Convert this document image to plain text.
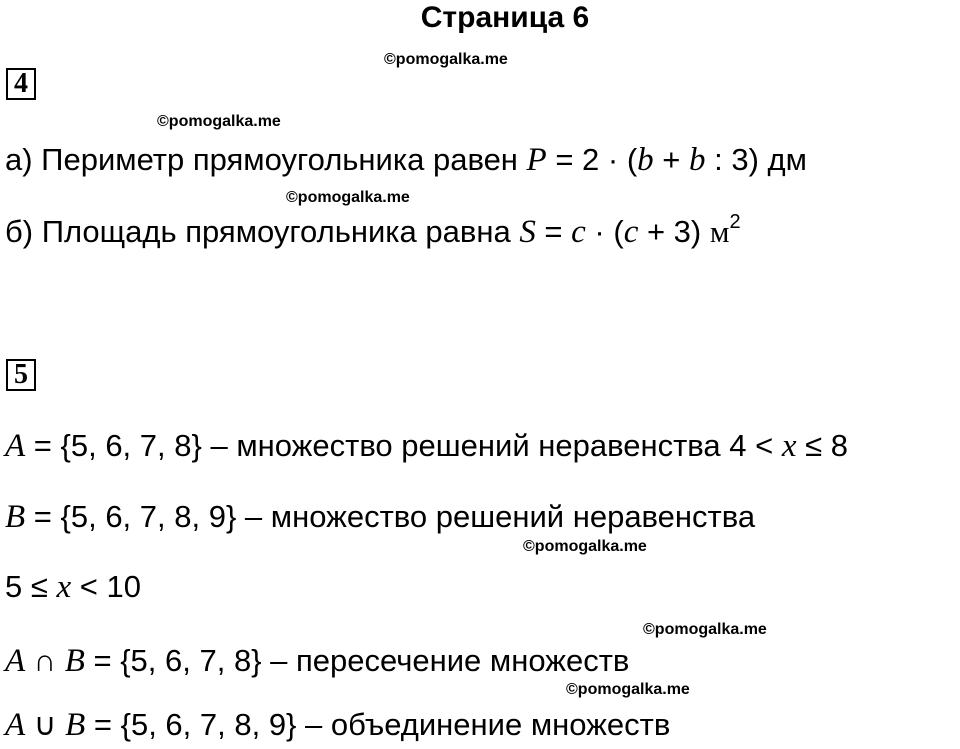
Страница 6
©pomogalka.me
©pomogalka.me
©pomogalka.me
©pomogalka.me
©pomogalka.me
©pomogalka.me
4
а) Периметр прямоугольника равен P = 2 · (b + b : 3) дм
б) Площадь прямоугольника равна S = c · (c + 3) $м^2$
5
A = {5, 6, 7, 8} – множество решений неравенства 4 < x ≤ 8
B = {5, 6, 7, 8, 9} – множество решений неравенства
5 ≤ x < 10
A ∩ B = {5, 6, 7, 8} – пересечение множеств
A ∪ B = {5, 6, 7, 8, 9} – объединение множеств
